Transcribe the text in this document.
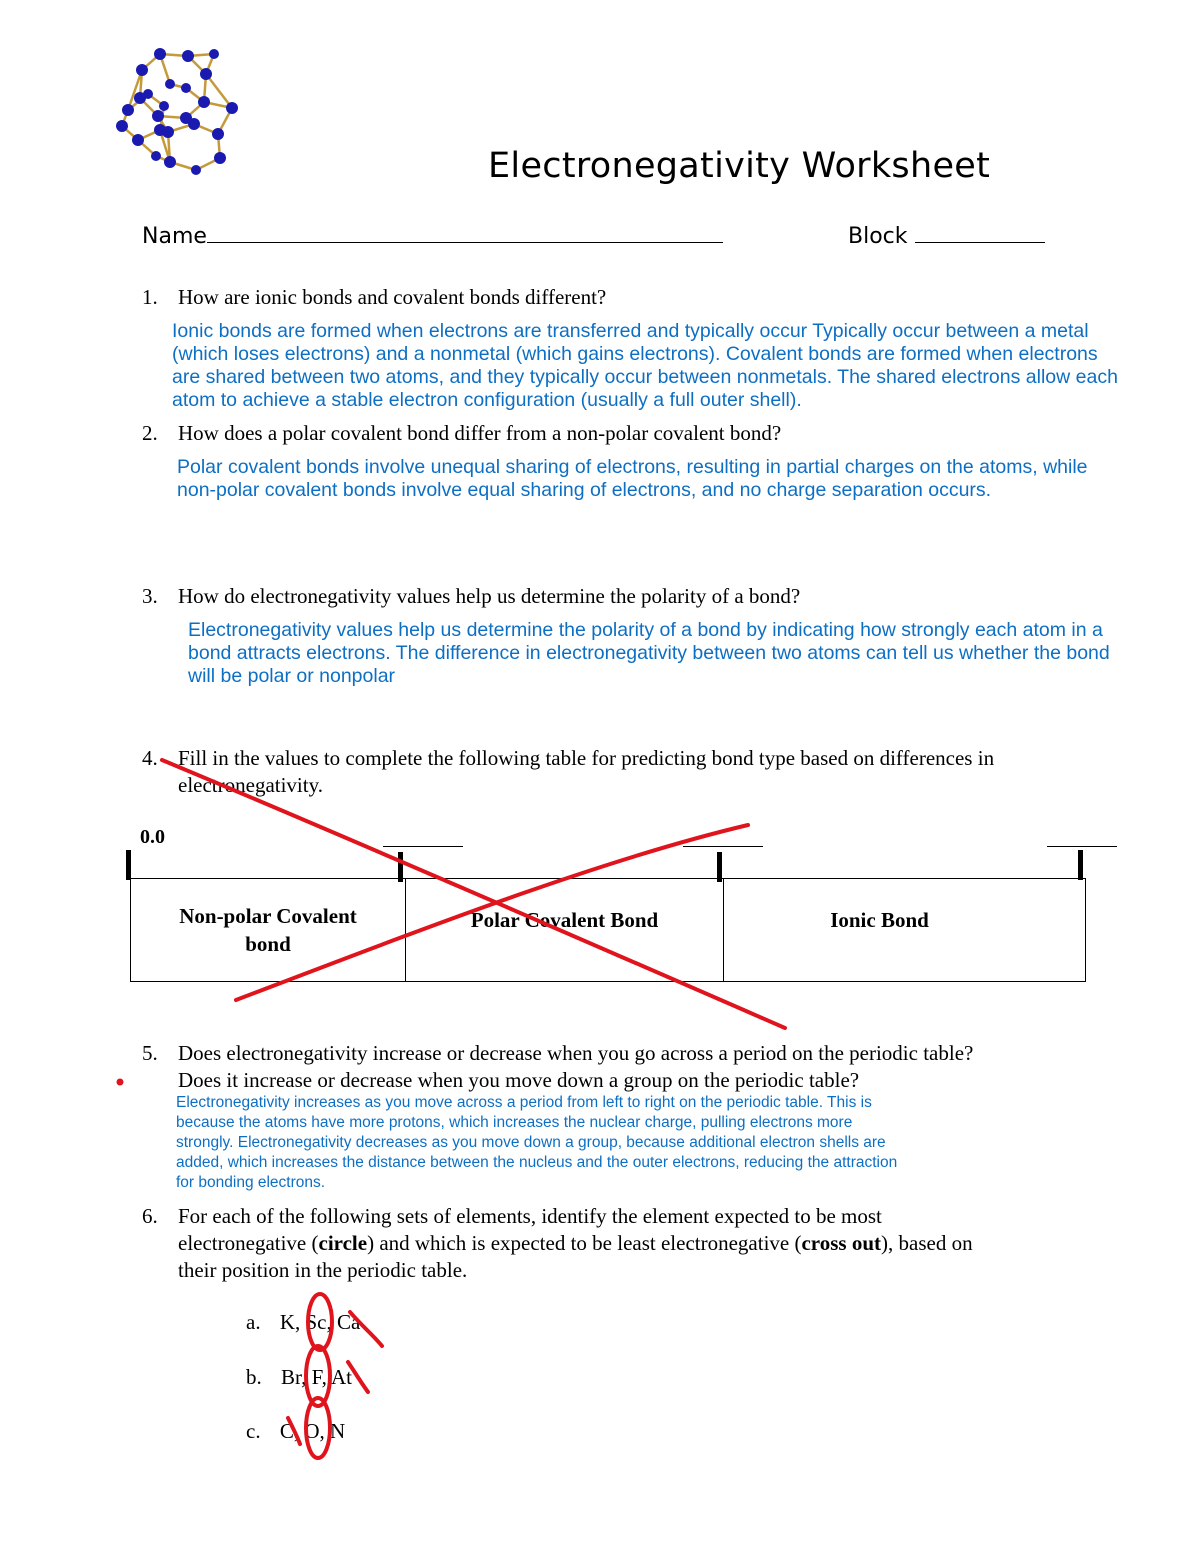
Electronegativity Worksheet
Name	Block
1. How are ionic bonds and covalent bonds different?
Ionic bonds are formed when electrons are transferred and typically occur Typically occur between a metal
(which loses electrons) and a nonmetal (which gains electrons). Covalent bonds are formed when electrons
are shared between two atoms, and they typically occur between nonmetals. The shared electrons allow each
atom to achieve a stable electron configuration (usually a full outer shell).
2. How does a polar covalent bond differ from a non-polar covalent bond?
Polar covalent bonds involve unequal sharing of electrons, resulting in partial charges on the atoms, while
non-polar covalent bonds involve equal sharing of electrons, and no charge separation occurs.
3. How do electronegativity values help us determine the polarity of a bond?
Electronegativity values help us determine the polarity of a bond by indicating how strongly each atom in a
bond attracts electrons. The difference in electronegativity between two atoms can tell us whether the bond
will be polar or nonpolar
4. Fill in the values to complete the following table for predicting bond type based on differences in
electronegativity.
0.0
Non-polar Covalent bond
Polar Covalent Bond	Ionic Bond
5. Does electronegativity increase or decrease when you go across a period on the periodic table?
Does it increase or decrease when you move down a group on the periodic table?
Electronegativity increases as you move across a period from left to right on the periodic table. This is
because the atoms have more protons, which increases the nuclear charge, pulling electrons more
strongly. Electronegativity decreases as you move down a group, because additional electron shells are
added, which increases the distance between the nucleus and the outer electrons, reducing the attraction
for bonding electrons.
6. For each of the following sets of elements, identify the element expected to be most
electronegative (circle) and which is expected to be least electronegative (cross out), based on
their position in the periodic table.
a. K, Sc, Ca
b. Br, F, At
c. C, O, N
